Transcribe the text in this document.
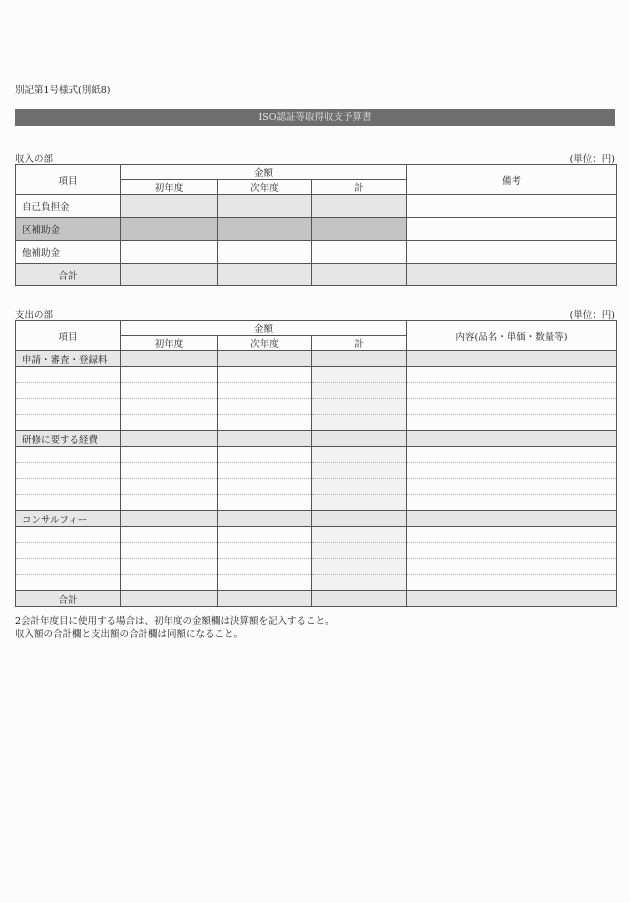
別記第1号様式(別紙8)
ISO認証等取得収支予算書
収入の部	(単位：円)
項目	金額			備考
	初年度	次年度	計	
自己負担金				
区補助金				
他補助金				
合計				
支出の部	(単位：円)
項目	金額			内容(品名・単価・数量等)
	初年度	次年度	計	
申請・審査・登録料				

研修に要する経費				

コンサルフィー				

合計				
2会計年度目に使用する場合は、初年度の金額欄は決算額を記入すること。
収入額の合計欄と支出額の合計欄は同額になること。
